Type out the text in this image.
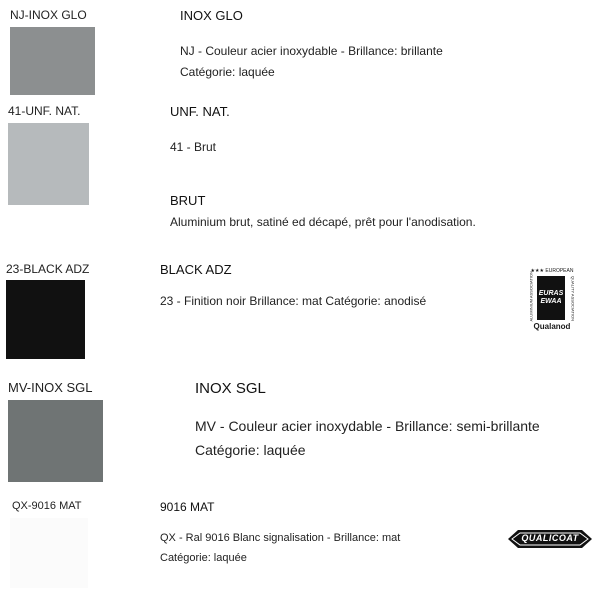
NJ-INOX GLO	INOX GLO
NJ - Couleur acier inoxydable - Brillance: brillante
Catégorie: laquée
41-UNF. NAT.	UNF. NAT.
41 - Brut
BRUT
Aluminium brut, satiné ed décapé, prêt pour l'anodisation.
23-BLACK ADZ	BLACK ADZ
23 - Finition noir Brillance: mat Catégorie: anodisé
★★★ EUROPEAN
ALUMINIUM ASSOCIATION EURAS EWAA	QUALITY ASSOCIATION
Qualanod
MV-INOX SGL	INOX SGL
MV - Couleur acier inoxydable - Brillance: semi-brillante
Catégorie: laquée
QX-9016 MAT	9016 MAT
QX - Ral 9016 Blanc signalisation - Brillance: mat
Catégorie: laquée
QUALICOAT
